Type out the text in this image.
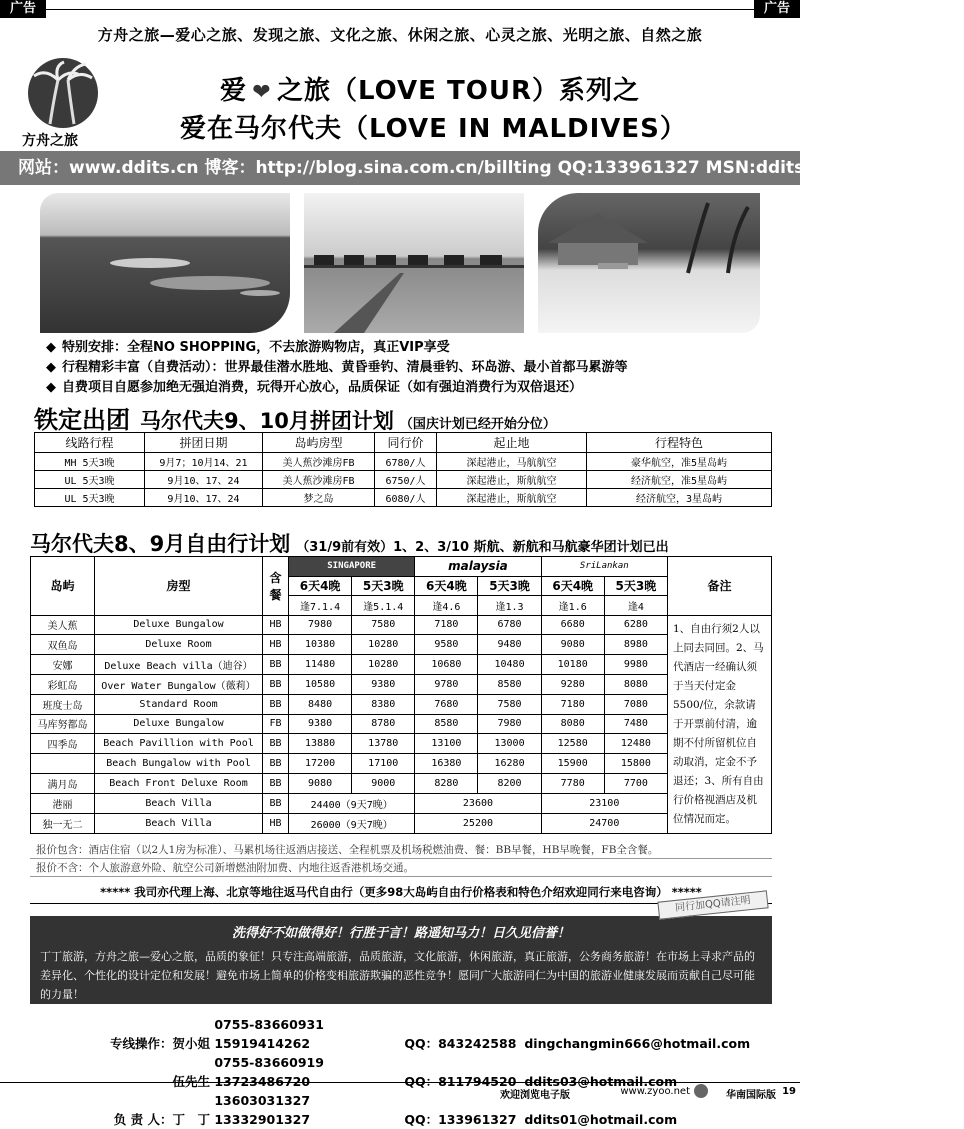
广告	广告
方舟之旅—爱心之旅、发现之旅、文化之旅、休闲之旅、心灵之旅、光明之旅、自然之旅
方舟之旅
爱 ❤ 之旅（LOVE TOUR）系列之
爱在马尔代夫（LOVE IN MALDIVES）
网站：www.ddits.cn 博客：http://blog.sina.com.cn/billting QQ:133961327 MSN:ddits01@hotmail.com
◆ 特别安排：全程NO SHOPPING，不去旅游购物店，真正VIP享受
◆ 行程精彩丰富（自费活动）：世界最佳潜水胜地、黄昏垂钓、清晨垂钓、环岛游、最小首都马累游等
◆ 自费项目自愿参加绝无强迫消费，玩得开心放心，品质保证（如有强迫消费行为双倍退还）
铁定出团 马尔代夫9、10月拼团计划 （国庆计划已经开始分位）
线路行程	拼团日期	岛屿房型	同行价	起止地	行程特色
MH 5天3晚	9月7；10月14、21	美人蕉沙滩房FB	6780/人	深起港止，马航航空	豪华航空，准5星岛屿
UL 5天3晚	9月10、17、24	美人蕉沙滩房FB	6750/人	深起港止，斯航航空	经济航空，准5星岛屿
UL 5天3晚	9月10、17、24	梦之岛	6080/人	深起港止，斯航航空	经济航空，3星岛屿
马尔代夫8、9月自由行计划 （31/9前有效）1、2、3/10 斯航、新航和马航豪华团计划已出
岛屿	房型	含餐	SINGAPORE		malaysia		SriLankan		备注
			6天4晚	5天3晚	6天4晚	5天3晚	6天4晚	5天3晚	
			逢7.1.4	逢5.1.4	逢4.6	逢1.3	逢1.6	逢4	
美人蕉	Deluxe Bungalow	HB	7980	7580	7180	6780	6680	6280	1、自由行须2人以上同去同回。2、马代酒店一经确认须于当天付定金5500/位，余款请于开票前付清，逾期不付所留机位自动取消，定金不予退还；3、所有自由行价格视酒店及机位情况而定。
双鱼岛	Deluxe Room	HB	10380	10280	9580	9480	9080	8980	
安娜	Deluxe Beach villa（迪谷）	BB	11480	10280	10680	10480	10180	9980	
彩虹岛	Over Water Bungalow（薇莉）	BB	10580	9380	9780	8580	9280	8080	
班度士岛	Standard Room	BB	8480	8380	7680	7580	7180	7080	
马库努都岛	Deluxe Bungalow	FB	9380	8780	8580	7980	8080	7480	
四季岛	Beach Pavillion with Pool	BB	13880	13780	13100	13000	12580	12480	
	Beach Bungalow with Pool	BB	17200	17100	16380	16280	15900	15800	
满月岛	Beach Front Deluxe Room	BB	9080	9000	8280	8200	7780	7700	
港丽	Beach Villa	BB	24400（9天7晚）		23600		23100		
独一无二	Beach Villa	HB	26000（9天7晚）		25200		24700		
报价包含：酒店住宿（以2人1房为标准）、马累机场往返酒店接送、全程机票及机场税燃油费、餐：BB早餐，HB早晚餐，FB全含餐。
报价不含：个人旅游意外险、航空公司新增燃油附加费、内地往返香港机场交通。
***** 我司亦代理上海、北京等地往返马代自由行（更多98大岛屿自由行价格表和特色介绍欢迎同行来电咨询） *****
洗得好不如做得好！行胜于言！路遥知马力！日久见信誉！
丁丁旅游，方舟之旅—爱心之旅，品质的象征！只专注高端旅游，品质旅游，文化旅游，休闲旅游，真正旅游，公务商务旅游！在市场上寻求产品的差异化、个性化的设计定位和发展！避免市场上简单的价格变相旅游欺骗的恶性竞争！愿同广大旅游同仁为中国的旅游业健康发展而贡献自己尽可能的力量！
同行加QQ请注明
专线操作：贺小姐 0755-83660931 15919414262	QQ：843242588 dingchangmin666@hotmail.com
伍先生 0755-83660919 13723486720	QQ：811794520 ddits03@hotmail.com
负 责 人：丁　丁 13603031327 13332901327	QQ：133961327 ddits01@hotmail.com
欢迎浏览电子版	www.zyoo.net	华南国际版 19
